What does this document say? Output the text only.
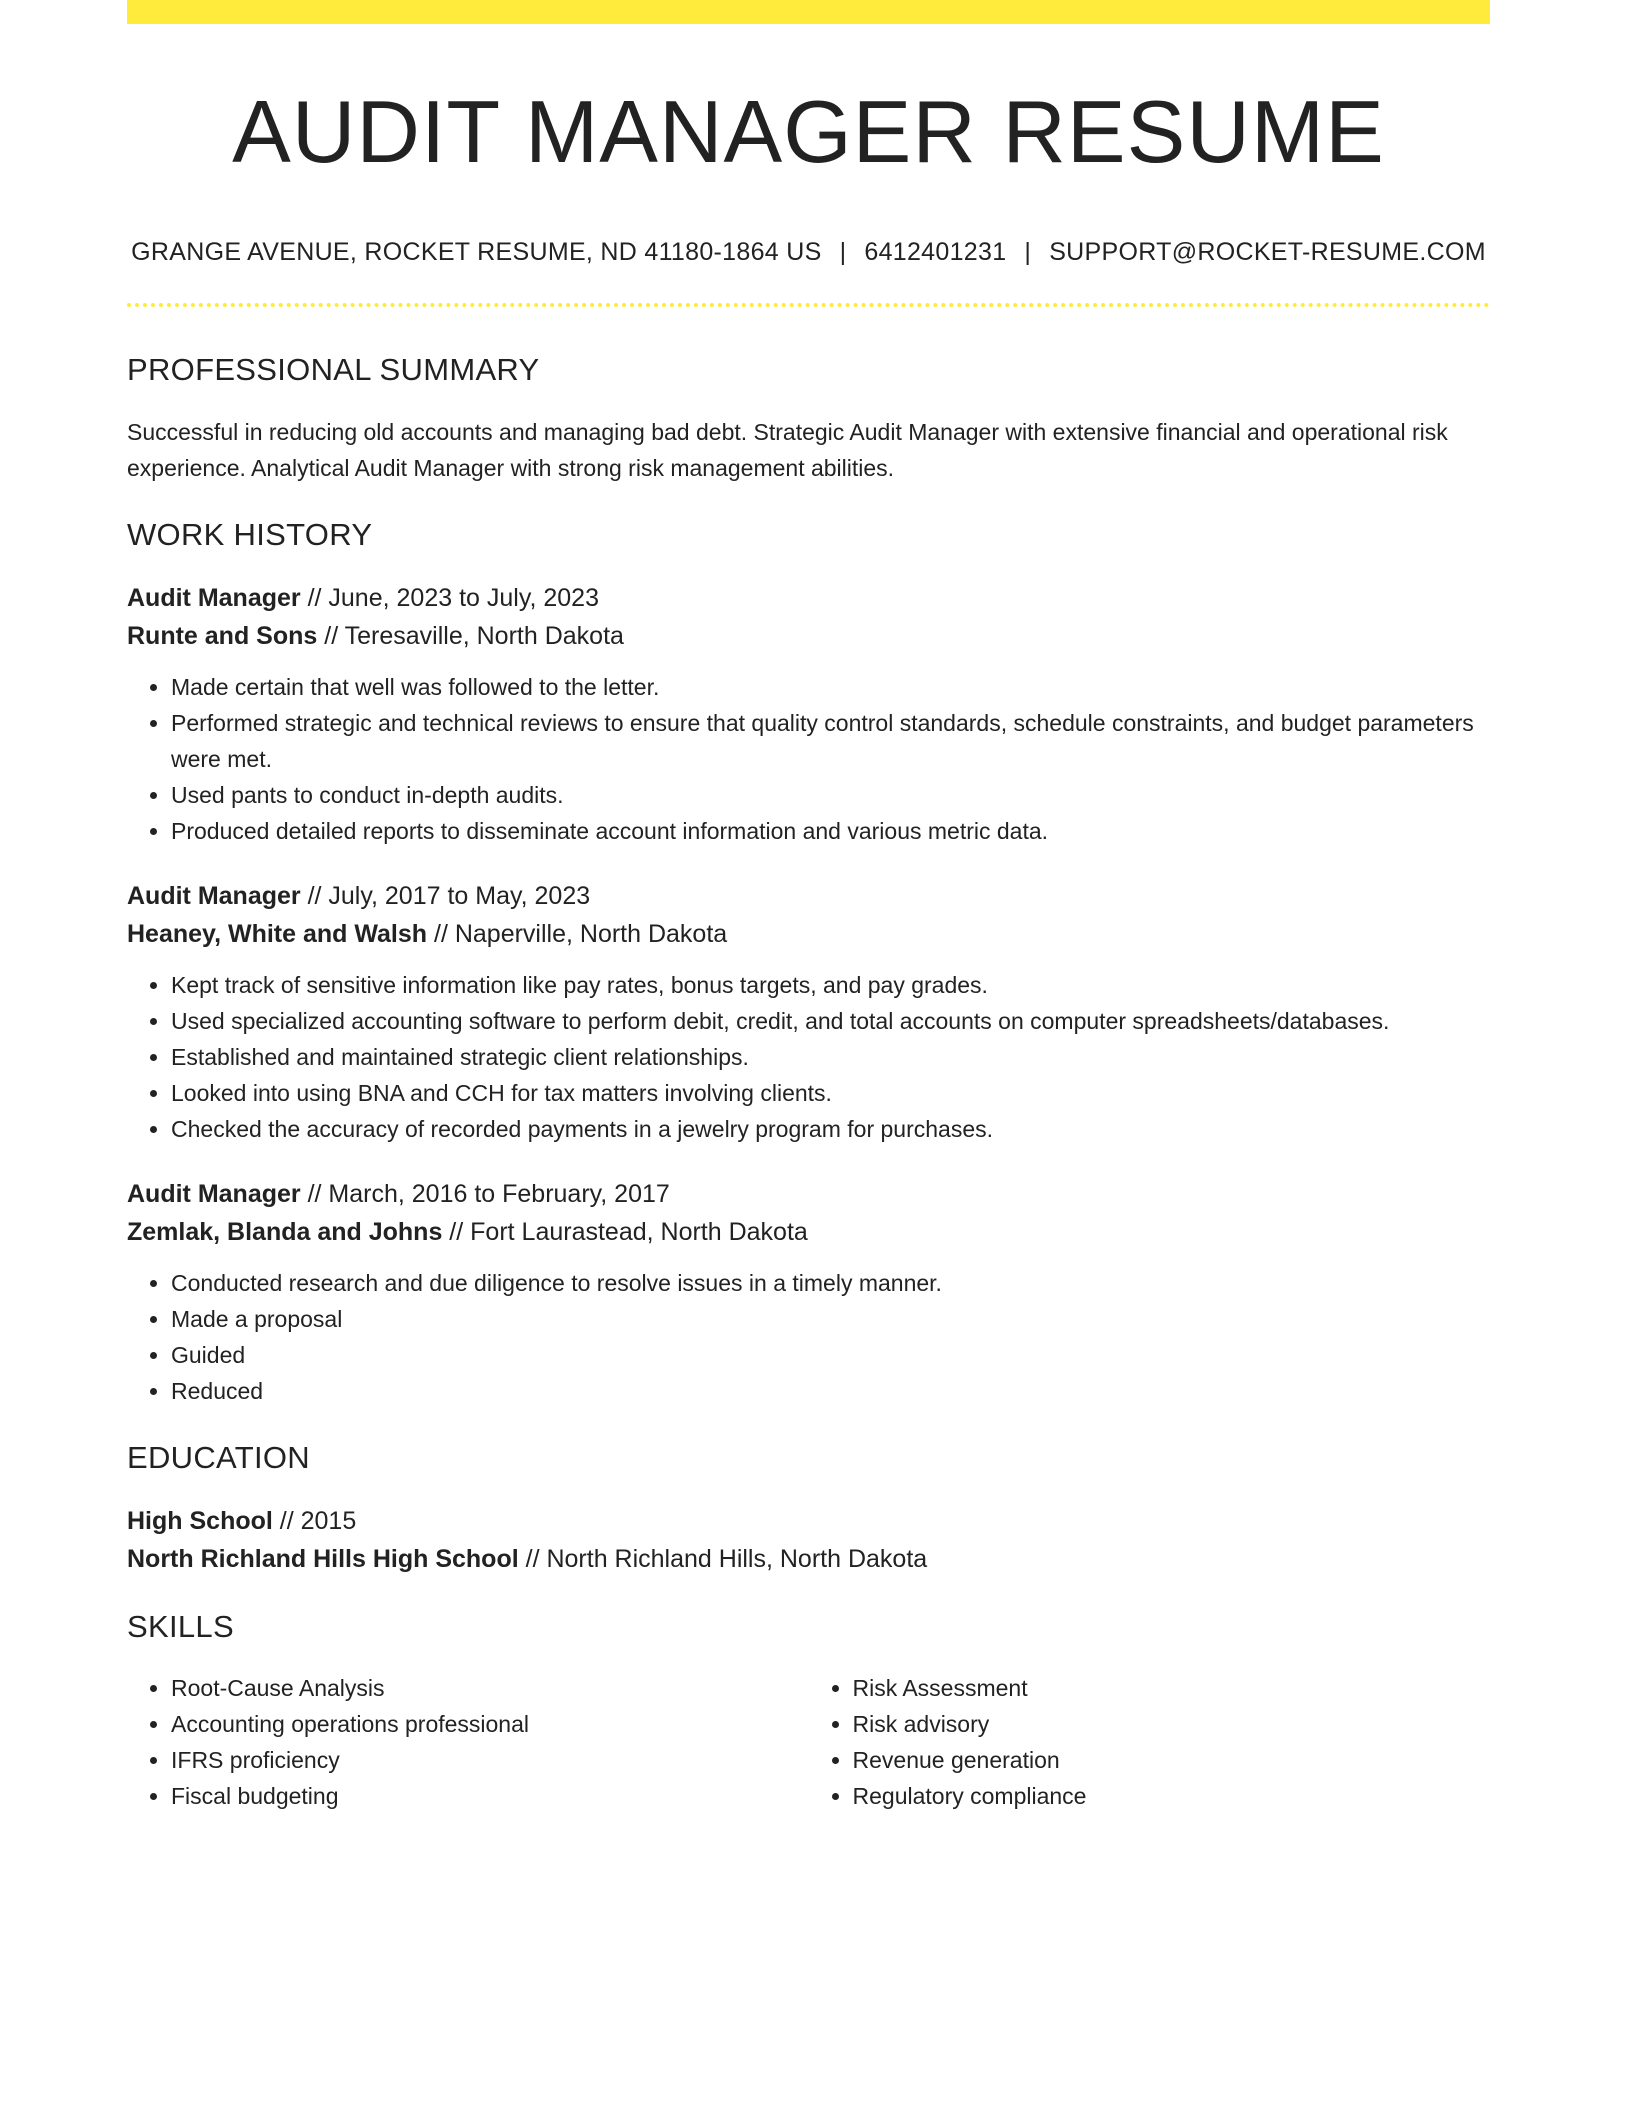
AUDIT MANAGER RESUME
GRANGE AVENUE, ROCKET RESUME, ND 41180-1864 US | 6412401231 | SUPPORT@ROCKET-RESUME.COM
PROFESSIONAL SUMMARY
Successful in reducing old accounts and managing bad debt. Strategic Audit Manager with extensive financial and operational risk experience. Analytical Audit Manager with strong risk management abilities.
WORK HISTORY
Audit Manager // June, 2023 to July, 2023
Runte and Sons // Teresaville, North Dakota
• Made certain that well was followed to the letter.
• Performed strategic and technical reviews to ensure that quality control standards, schedule constraints, and budget parameters were met.
• Used pants to conduct in-depth audits.
• Produced detailed reports to disseminate account information and various metric data.
Audit Manager // July, 2017 to May, 2023
Heaney, White and Walsh // Naperville, North Dakota
• Kept track of sensitive information like pay rates, bonus targets, and pay grades.
• Used specialized accounting software to perform debit, credit, and total accounts on computer spreadsheets/databases.
• Established and maintained strategic client relationships.
• Looked into using BNA and CCH for tax matters involving clients.
• Checked the accuracy of recorded payments in a jewelry program for purchases.
Audit Manager // March, 2016 to February, 2017
Zemlak, Blanda and Johns // Fort Laurastead, North Dakota
• Conducted research and due diligence to resolve issues in a timely manner.
• Made a proposal
• Guided
• Reduced
EDUCATION
High School // 2015
North Richland Hills High School // North Richland Hills, North Dakota
SKILLS
• Root-Cause Analysis
• Accounting operations professional
• IFRS proficiency
• Fiscal budgeting
• Risk Assessment
• Risk advisory
• Revenue generation
• Regulatory compliance
